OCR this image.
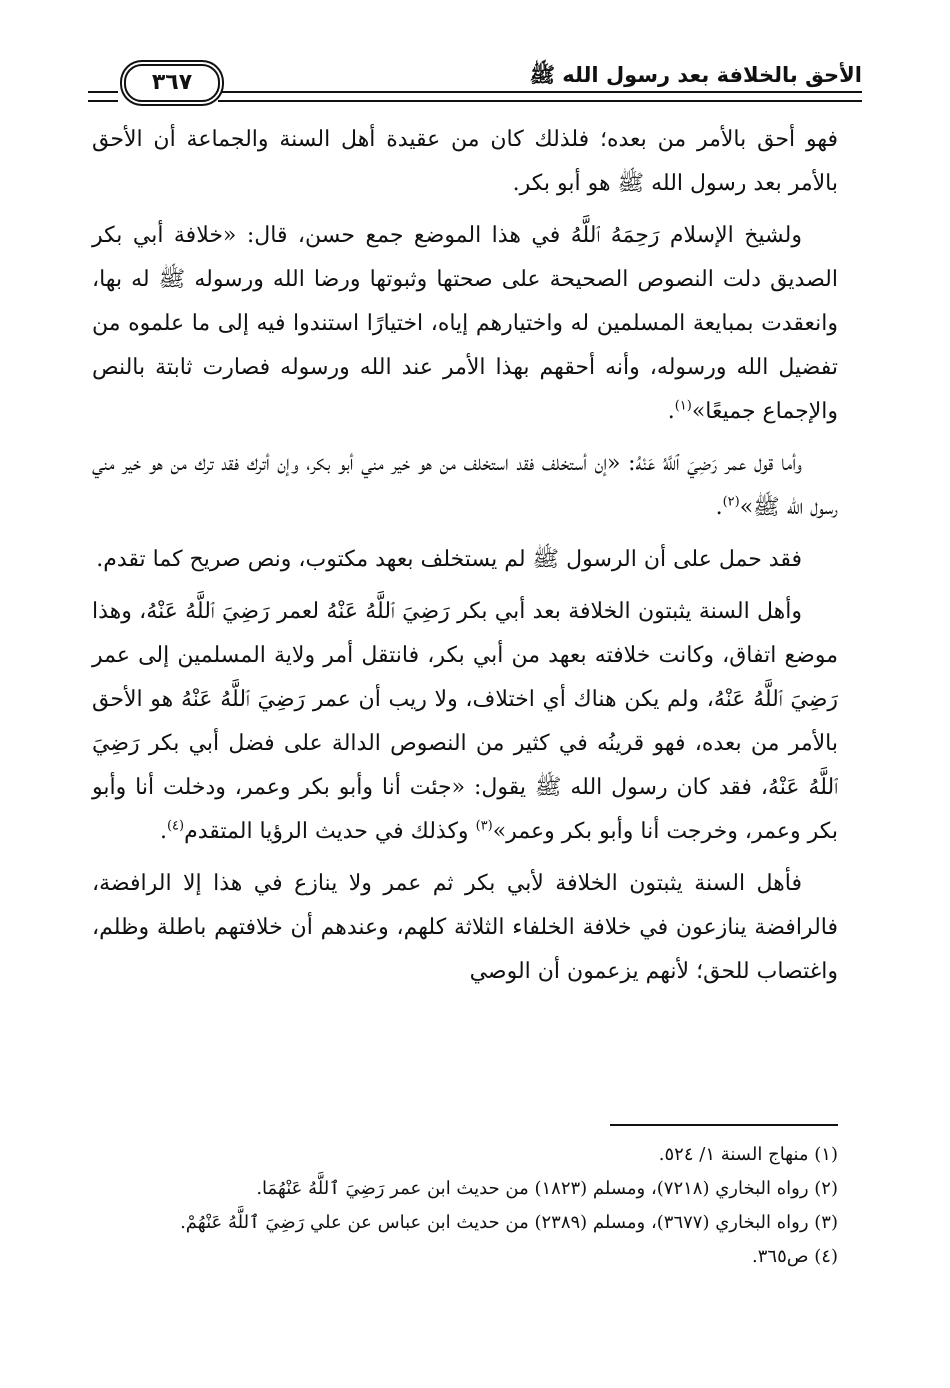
الأحق بالخلافة بعد رسول الله ﷺ
٣٦٧

فهو أحق بالأمر من بعده؛ فلذلك كان من عقيدة أهل السنة والجماعة أن الأحق بالأمر بعد رسول الله ﷺ هو أبو بكر.

ولشيخ الإسلام رَحِمَهُ ٱللَّهُ في هذا الموضع جمع حسن، قال: «خلافة أبي بكر الصديق دلت النصوص الصحيحة على صحتها وثبوتها ورضا الله ورسوله ﷺ له بها، وانعقدت بمبايعة المسلمين له واختيارهم إياه، اختيارًا استندوا فيه إلى ما علموه من تفضيل الله ورسوله، وأنه أحقهم بهذا الأمر عند الله ورسوله فصارت ثابتة بالنص والإجماع جميعًا»$^{(١)}$.

وأما قول عمر رَضِيَ ٱللَّهُ عَنْهُ: «إن أستخلف فقد استخلف من هو خير مني أبو بكر، وإن أترك فقد ترك من هو خير مني رسول الله ﷺ»$^{(٢)}$.

فقد حمل على أن الرسول ﷺ لم يستخلف بعهد مكتوب، ونص صريح كما تقدم.

وأهل السنة يثبتون الخلافة بعد أبي بكر رَضِيَ ٱللَّهُ عَنْهُ لعمر رَضِيَ ٱللَّهُ عَنْهُ، وهذا موضع اتفاق، وكانت خلافته بعهد من أبي بكر، فانتقل أمر ولاية المسلمين إلى عمر رَضِيَ ٱللَّهُ عَنْهُ، ولم يكن هناك أي اختلاف، ولا ريب أن عمر رَضِيَ ٱللَّهُ عَنْهُ هو الأحق بالأمر من بعده، فهو قرينُه في كثير من النصوص الدالة على فضل أبي بكر رَضِيَ ٱللَّهُ عَنْهُ، فقد كان رسول الله ﷺ يقول: «جئت أنا وأبو بكر وعمر، ودخلت أنا وأبو بكر وعمر، وخرجت أنا وأبو بكر وعمر»$^{(٣)}$ وكذلك في حديث الرؤيا المتقدم$^{(٤)}$.

فأهل السنة يثبتون الخلافة لأبي بكر ثم عمر ولا ينازع في هذا إلا الرافضة، فالرافضة ينازعون في خلافة الخلفاء الثلاثة كلهم، وعندهم أن خلافتهم باطلة وظلم، واغتصاب للحق؛ لأنهم يزعمون أن الوصي

(١) منهاج السنة ١/ ٥٢٤.
(٢) رواه البخاري (٧٢١٨)، ومسلم (١٨٢٣) من حديث ابن عمر رَضِيَ ٱللَّهُ عَنْهُمَا.
(٣) رواه البخاري (٣٦٧٧)، ومسلم (٢٣٨٩) من حديث ابن عباس عن علي رَضِيَ ٱللَّهُ عَنْهُمْ.
(٤) ص٣٦٥.
